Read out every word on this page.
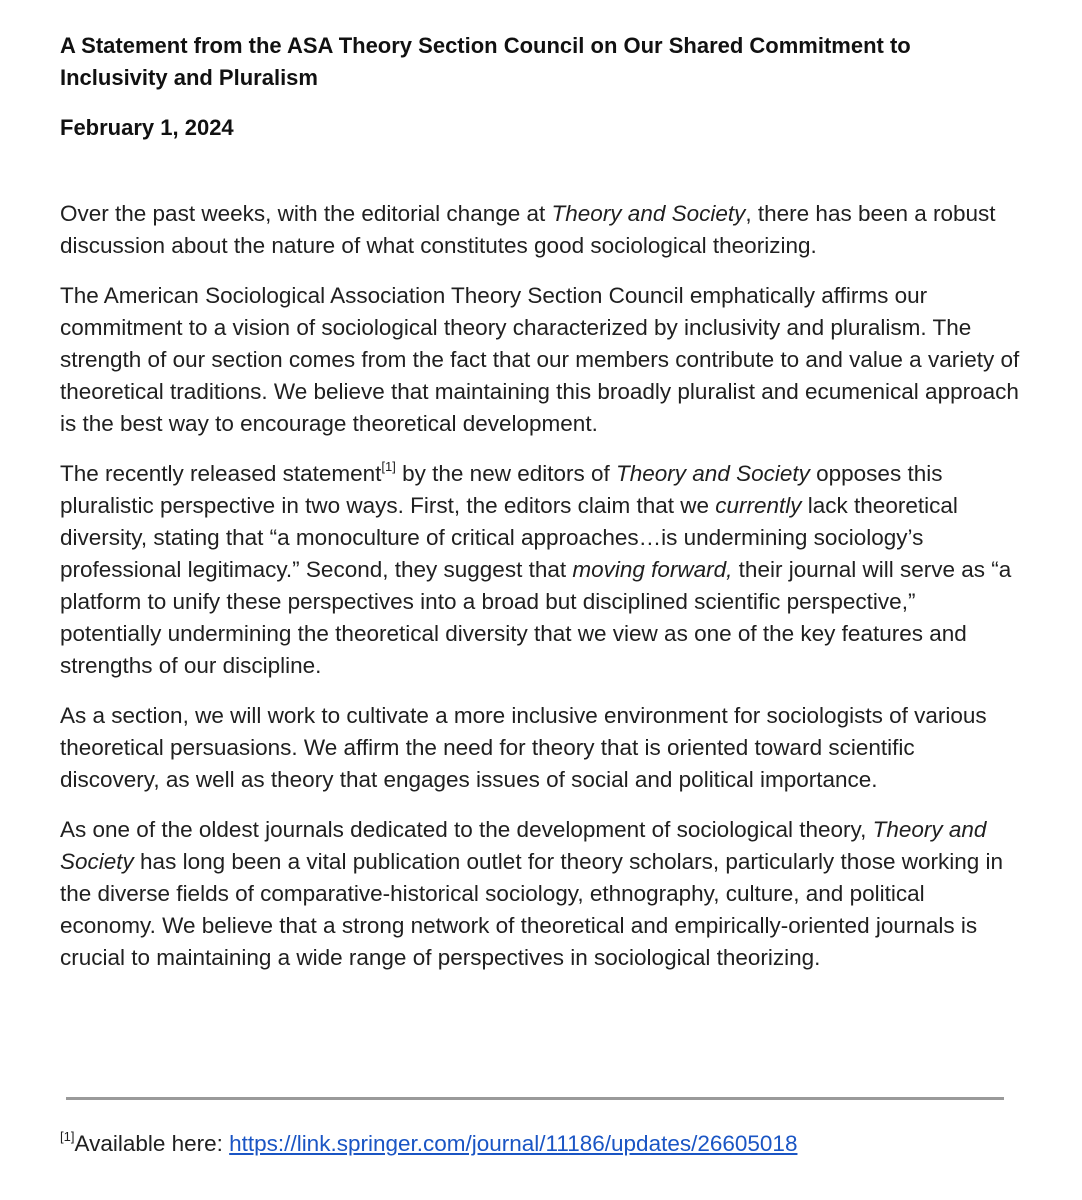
A Statement from the ASA Theory Section Council on Our Shared Commitment to
Inclusivity and Pluralism

February 1, 2024

Over the past weeks, with the editorial change at Theory and Society, there has been a robust discussion about the nature of what constitutes good sociological theorizing.

The American Sociological Association Theory Section Council emphatically affirms our commitment to a vision of sociological theory characterized by inclusivity and pluralism. The strength of our section comes from the fact that our members contribute to and value a variety of theoretical traditions. We believe that maintaining this broadly pluralist and ecumenical approach is the best way to encourage theoretical development.

The recently released statement[1] by the new editors of Theory and Society opposes this pluralistic perspective in two ways. First, the editors claim that we currently lack theoretical diversity, stating that “a monoculture of critical approaches…is undermining sociology’s professional legitimacy.” Second, they suggest that moving forward, their journal will serve as “a platform to unify these perspectives into a broad but disciplined scientific perspective,” potentially undermining the theoretical diversity that we view as one of the key features and strengths of our discipline.

As a section, we will work to cultivate a more inclusive environment for sociologists of various theoretical persuasions. We affirm the need for theory that is oriented toward scientific discovery, as well as theory that engages issues of social and political importance.

As one of the oldest journals dedicated to the development of sociological theory, Theory and Society has long been a vital publication outlet for theory scholars, particularly those working in the diverse fields of comparative-historical sociology, ethnography, culture, and political economy. We believe that a strong network of theoretical and empirically-oriented journals is crucial to maintaining a wide range of perspectives in sociological theorizing.

[1]Available here: https://link.springer.com/journal/11186/updates/26605018
